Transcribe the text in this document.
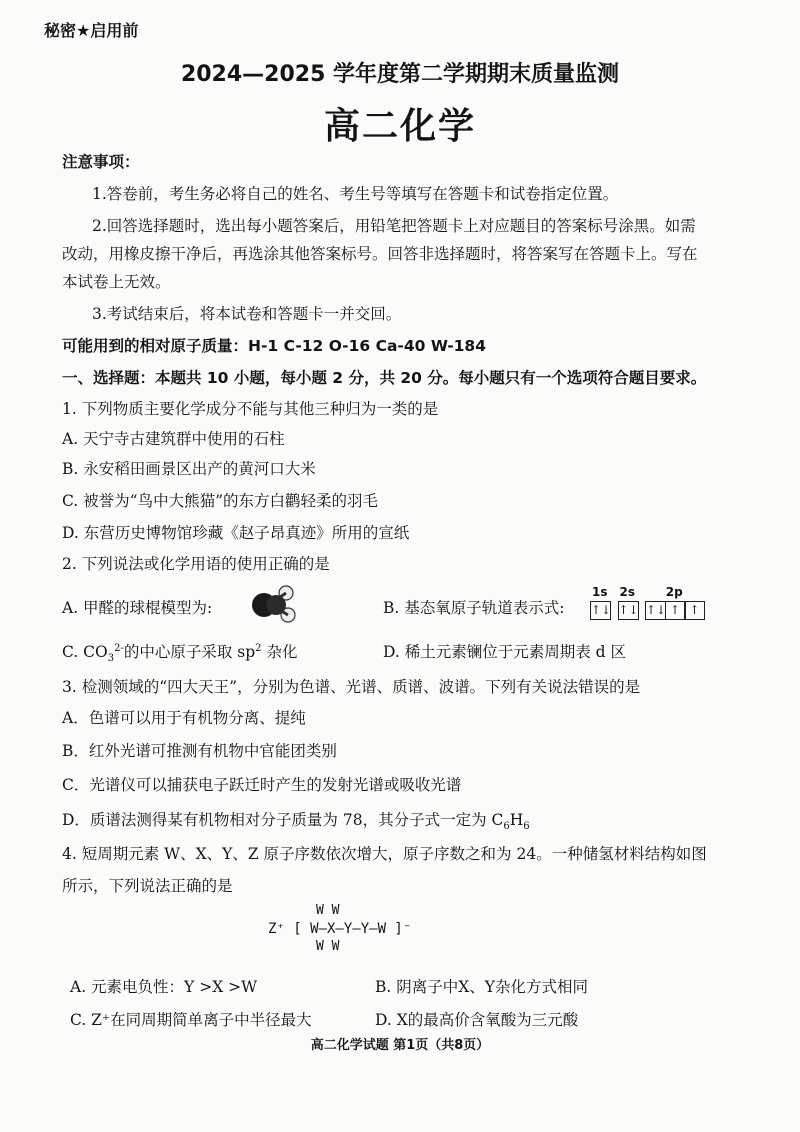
秘密★启用前
2024—2025 学年度第二学期期末质量监测
高二化学
注意事项：
1.答卷前，考生务必将自己的姓名、考生号等填写在答题卡和试卷指定位置。
2.回答选择题时，选出每小题答案后，用铅笔把答题卡上对应题目的答案标号涂黑。如需
改动，用橡皮擦干净后，再选涂其他答案标号。回答非选择题时，将答案写在答题卡上。写在
本试卷上无效。
3.考试结束后，将本试卷和答题卡一并交回。
可能用到的相对原子质量：H-1 C-12 O-16 Ca-40 W-184
一、选择题：本题共 10 小题，每小题 2 分，共 20 分。每小题只有一个选项符合题目要求。
1. 下列物质主要化学成分不能与其他三种归为一类的是
A. 天宁寺古建筑群中使用的石柱
B. 永安稻田画景区出产的黄河口大米
C. 被誉为“鸟中大熊猫”的东方白鹳轻柔的羽毛
D. 东营历史博物馆珍藏《赵子昂真迹》所用的宣纸
2. 下列说法或化学用语的使用正确的是
A. 甲醛的球棍模型为:	B. 基态氧原子轨道表示式:
1s
↑↓
2s
↑↓
2p
↑↓ ↑ ↑
C. $CO_3^{2-}$的中心原子采取 $sp^2$ 杂化	D. 稀土元素镧位于元素周期表 d 区
3. 检测领域的“四大天王”，分别为色谱、光谱、质谱、波谱。下列有关说法错误的是
A．色谱可以用于有机物分离、提纯
B．红外光谱可推测有机物中官能团类别
C．光谱仪可以捕获电子跃迁时产生的发射光谱或吸收光谱
D．质谱法测得某有机物相对分子质量为 78，其分子式一定为 $C_6H_6$
4. 短周期元素 W、X、Y、Z 原子序数依次增大，原子序数之和为 24。一种储氢材料结构如图
所示，下列说法正确的是
W W
Z⁺ [ W–X–Y–Y–W ]⁻
W W
A. 元素电负性：Y >X >W	B. 阴离子中X、Y杂化方式相同
C. Z⁺在同周期简单离子中半径最大	D. X的最高价含氧酸为三元酸
高二化学试题 第1页（共8页）
